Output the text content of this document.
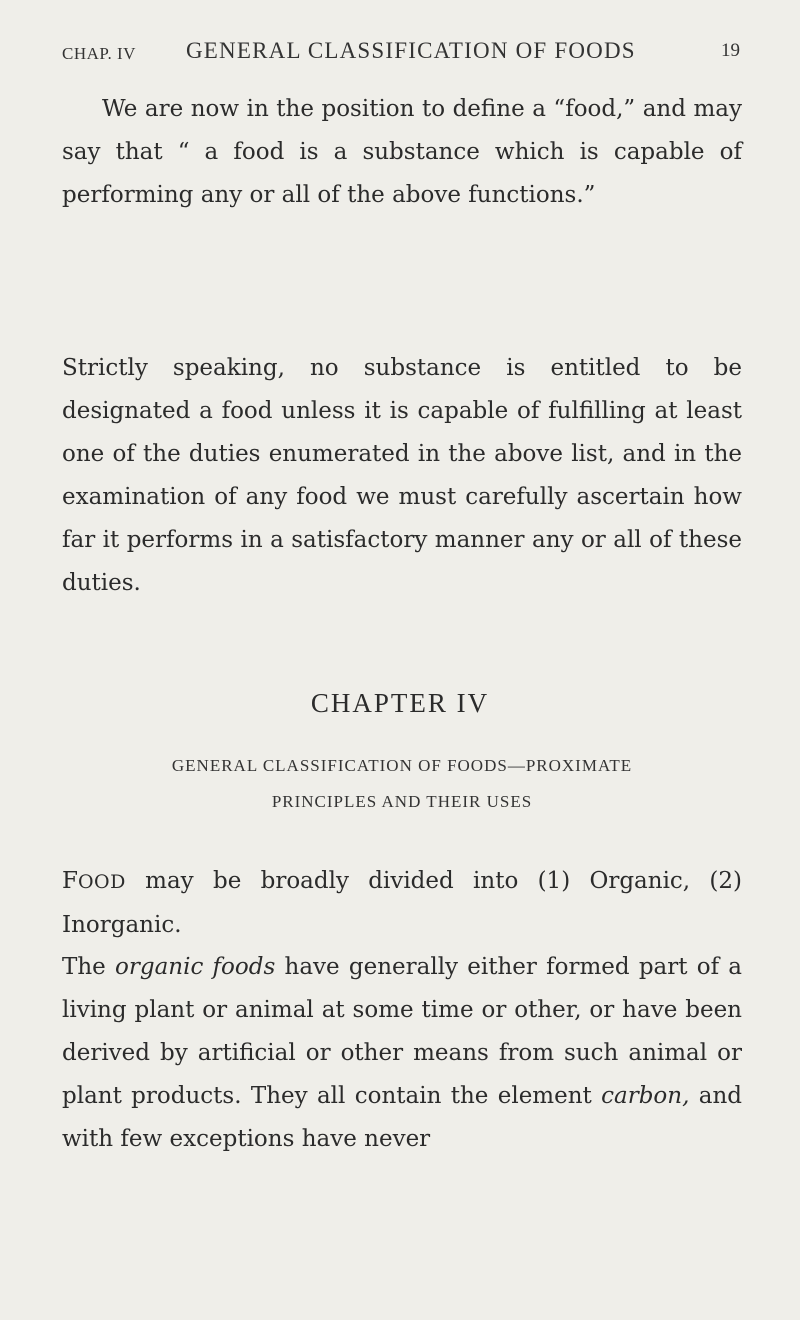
CHAP. IV GENERAL CLASSIFICATION OF FOODS	19

We are now in the position to define a “food,” and may say that “ a food is a substance which is capable of performing any or all of the above functions.”

Strictly speaking, no substance is entitled to be designated a food unless it is capable of fulfilling at least one of the duties enumerated in the above list, and in the examination of any food we must carefully ascertain how far it performs in a satisfactory manner any or all of these duties.

CHAPTER IV
GENERAL CLASSIFICATION OF FOODS—PROXIMATE
PRINCIPLES AND THEIR USES

FOOD may be broadly divided into (1) Organic, (2) Inorganic.

The organic foods have generally either formed part of a living plant or animal at some time or other, or have been derived by artificial or other means from such animal or plant products. They all contain the element carbon, and with few exceptions have never
